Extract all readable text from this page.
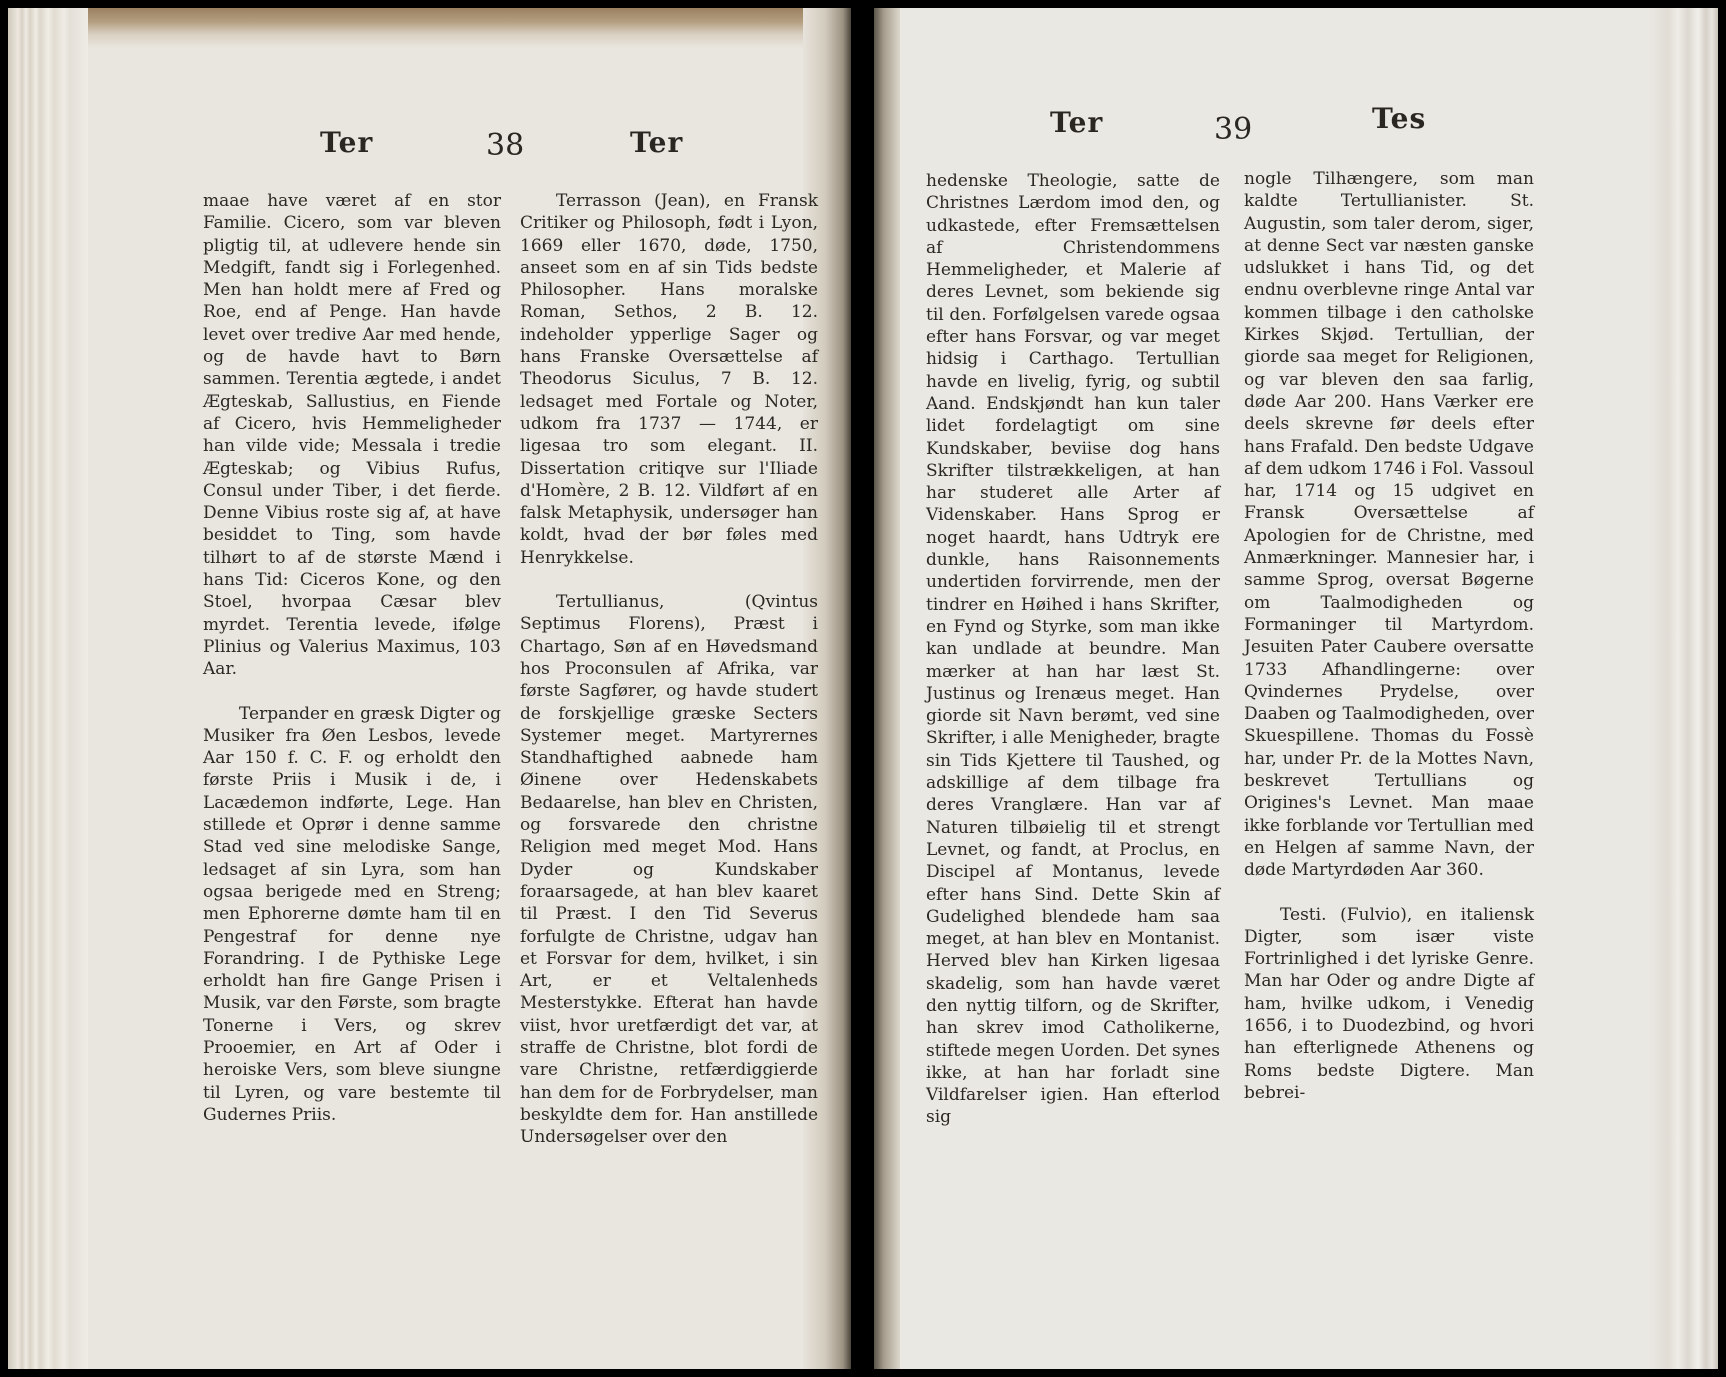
Ter	38	Ter

maae have været af en stor Familie. Cicero, som var bleven pligtig til, at udlevere hende sin Medgift, fandt sig i Forlegenhed. Men han holdt mere af Fred og Roe, end af Penge. Han havde levet over tredive Aar med hende, og de havde havt to Børn sammen. Terentia ægtede, i andet Ægteskab, Sallustius, en Fiende af Cicero, hvis Hemmeligheder han vilde vide; Messala i tredie Ægteskab; og Vibius Rufus, Consul under Tiber, i det fierde. Denne Vibius roste sig af, at have besiddet to Ting, som havde tilhørt to af de største Mænd i hans Tid: Ciceros Kone, og den Stoel, hvorpaa Cæsar blev myrdet. Terentia levede, ifølge Plinius og Valerius Maximus, 103 Aar.

Terpander en græsk Digter og Musiker fra Øen Lesbos, levede Aar 150 f. C. F. og erholdt den første Priis i Musik i de, i Lacædemon indførte, Lege. Han stillede et Oprør i denne samme Stad ved sine melodiske Sange, ledsaget af sin Lyra, som han ogsaa berigede med en Streng; men Ephorerne dømte ham til en Pengestraf for denne nye Forandring. I de Pythiske Lege erholdt han fire Gange Prisen i Musik, var den Første, som bragte Tonerne i Vers, og skrev Prooemier, en Art af Oder i heroiske Vers, som bleve siungne til Lyren, og vare bestemte til Gudernes Priis.

Terrasson (Jean), en Fransk Critiker og Philosoph, født i Lyon, 1669 eller 1670, døde, 1750, anseet som en af sin Tids bedste Philosopher. Hans moralske Roman, Sethos, 2 B. 12. indeholder ypperlige Sager og hans Franske Oversættelse af Theodorus Siculus, 7 B. 12. ledsaget med Fortale og Noter, udkom fra 1737 — 1744, er ligesaa tro som elegant. II. Dissertation critiqve sur l'Iliade d'Homère, 2 B. 12. Vildført af en falsk Metaphysik, undersøger han koldt, hvad der bør føles med Henrykkelse.

Tertullianus, (Qvintus Septimus Florens), Præst i Chartago, Søn af en Høvedsmand hos Proconsulen af Afrika, var første Sagfører, og havde studert de forskjellige græske Secters Systemer meget. Martyrernes Standhaftighed aabnede ham Øinene over Hedenskabets Bedaarelse, han blev en Christen, og forsvarede den christne Religion med meget Mod. Hans Dyder og Kundskaber foraarsagede, at han blev kaaret til Præst. I den Tid Severus forfulgte de Christne, udgav han et Forsvar for dem, hvilket, i sin Art, er et Veltalenheds Mesterstykke. Efterat han havde viist, hvor uretfærdigt det var, at straffe de Christne, blot fordi de vare Christne, retfærdiggierde han dem for de Forbrydelser, man beskyldte dem for. Han anstillede Undersøgelser over den

Ter	39	Tes

hedenske Theologie, satte de Christnes Lærdom imod den, og udkastede, efter Fremsættelsen af Christendommens Hemmeligheder, et Malerie af deres Levnet, som bekiende sig til den. Forfølgelsen varede ogsaa efter hans Forsvar, og var meget hidsig i Carthago. Tertullian havde en livelig, fyrig, og subtil Aand. Endskjøndt han kun taler lidet fordelagtigt om sine Kundskaber, beviise dog hans Skrifter tilstrækkeligen, at han har studeret alle Arter af Videnskaber. Hans Sprog er noget haardt, hans Udtryk ere dunkle, hans Raisonnements undertiden forvirrende, men der tindrer en Høihed i hans Skrifter, en Fynd og Styrke, som man ikke kan undlade at beundre. Man mærker at han har læst St. Justinus og Irenæus meget. Han giorde sit Navn berømt, ved sine Skrifter, i alle Menigheder, bragte sin Tids Kjettere til Taushed, og adskillige af dem tilbage fra deres Vranglære. Han var af Naturen tilbøielig til et strengt Levnet, og fandt, at Proclus, en Discipel af Montanus, levede efter hans Sind. Dette Skin af Gudelighed blendede ham saa meget, at han blev en Montanist. Herved blev han Kirken ligesaa skadelig, som han havde været den nyttig tilforn, og de Skrifter, han skrev imod Catholikerne, stiftede megen Uorden. Det synes ikke, at han har forladt sine Vildfarelser igien. Han efterlod sig

nogle Tilhængere, som man kaldte Tertullianister. St. Augustin, som taler derom, siger, at denne Sect var næsten ganske udslukket i hans Tid, og det endnu overblevne ringe Antal var kommen tilbage i den catholske Kirkes Skjød. Tertullian, der giorde saa meget for Religionen, og var bleven den saa farlig, døde Aar 200. Hans Værker ere deels skrevne før deels efter hans Frafald. Den bedste Udgave af dem udkom 1746 i Fol. Vassoul har, 1714 og 15 udgivet en Fransk Oversættelse af Apologien for de Christne, med Anmærkninger. Mannesier har, i samme Sprog, oversat Bøgerne om Taalmodigheden og Formaninger til Martyrdom. Jesuiten Pater Caubere oversatte 1733 Afhandlingerne: over Qvindernes Prydelse, over Daaben og Taalmodigheden, over Skuespillene. Thomas du Fossè har, under Pr. de la Mottes Navn, beskrevet Tertullians og Origines's Levnet. Man maae ikke forblande vor Tertullian med en Helgen af samme Navn, der døde Martyrdøden Aar 360.

Testi. (Fulvio), en italiensk Digter, som især viste Fortrinlighed i det lyriske Genre. Man har Oder og andre Digte af ham, hvilke udkom, i Venedig 1656, i to Duodezbind, og hvori han efterlignede Athenens og Roms bedste Digtere. Man bebrei-
